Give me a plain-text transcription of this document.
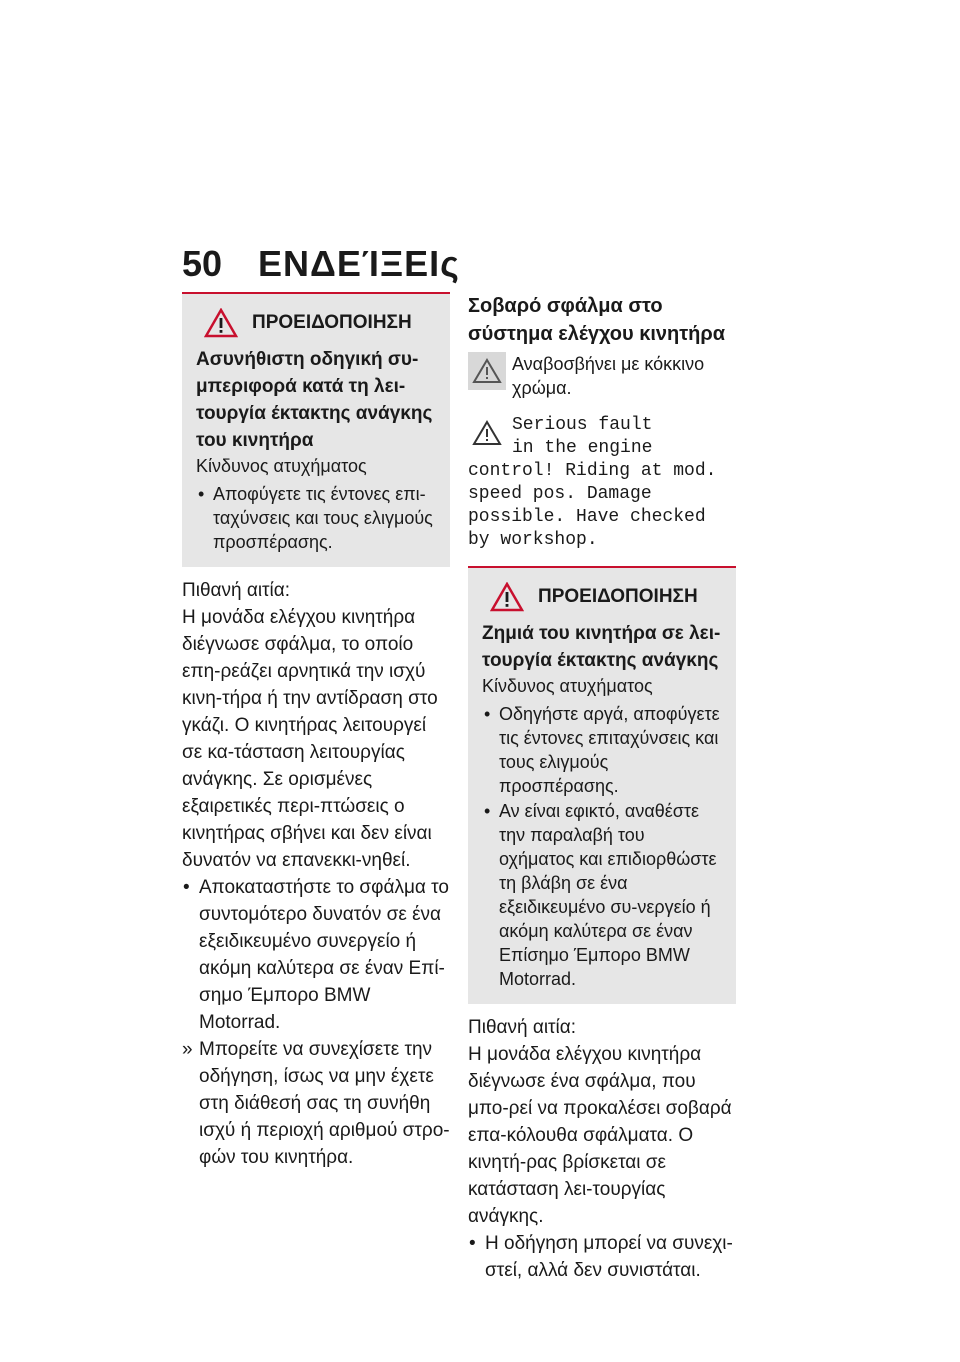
50 ΕΝΔΕΊΞΕΙς
ΠΡΟΕΙΔΟΠΟΙΗΣΗ
Ασυνήθιστη οδηγική συ-μπεριφορά κατά τη λει-τουργία έκτακτης ανάγκης του κινητήρα
Κίνδυνος ατυχήματος
• Αποφύγετε τις έντονες επι-ταχύνσεις και τους ελιγμούς προσπέρασης.
Πιθανή αιτία:
Η μονάδα ελέγχου κινητήρα διέγνωσε σφάλμα, το οποίο επη-ρεάζει αρνητικά την ισχύ κινη-τήρα ή την αντίδραση στο γκάζι. Ο κινητήρας λειτουργεί σε κα-τάσταση λειτουργίας ανάγκης. Σε ορισμένες εξαιρετικές περι-πτώσεις ο κινητήρας σβήνει και δεν είναι δυνατόν να επανεκκι-νηθεί.
• Αποκαταστήστε το σφάλμα το συντομότερο δυνατόν σε ένα εξειδικευμένο συνεργείο ή ακόμη καλύτερα σε έναν Επί-σημο Έμπορο BMW Motorrad.
» Μπορείτε να συνεχίσετε την οδήγηση, ίσως να μην έχετε στη διάθεσή σας τη συνήθη ισχύ ή περιοχή αριθμού στρο-φών του κινητήρα.
Σοβαρό σφάλμα στο σύστημα ελέγχου κινητήρα
Αναβοσβήνει με κόκκινο χρώμα.
Serious fault
in the engine
control! Riding at mod. speed pos. Damage possible. Have checked by workshop.
ΠΡΟΕΙΔΟΠΟΙΗΣΗ
Ζημιά του κινητήρα σε λει-τουργία έκτακτης ανάγκης
Κίνδυνος ατυχήματος
• Οδηγήστε αργά, αποφύγετε τις έντονες επιταχύνσεις και τους ελιγμούς προσπέρασης.
• Αν είναι εφικτό, αναθέστε την παραλαβή του οχήματος και επιδιορθώστε τη βλάβη σε ένα εξειδικευμένο συ-νεργείο ή ακόμη καλύτερα σε έναν Επίσημο Έμπορο BMW Motorrad.
Πιθανή αιτία:
Η μονάδα ελέγχου κινητήρα διέγνωσε ένα σφάλμα, που μπο-ρεί να προκαλέσει σοβαρά επα-κόλουθα σφάλματα. Ο κινητή-ρας βρίσκεται σε κατάσταση λει-τουργίας ανάγκης.
• Η οδήγηση μπορεί να συνεχι-στεί, αλλά δεν συνιστάται.
